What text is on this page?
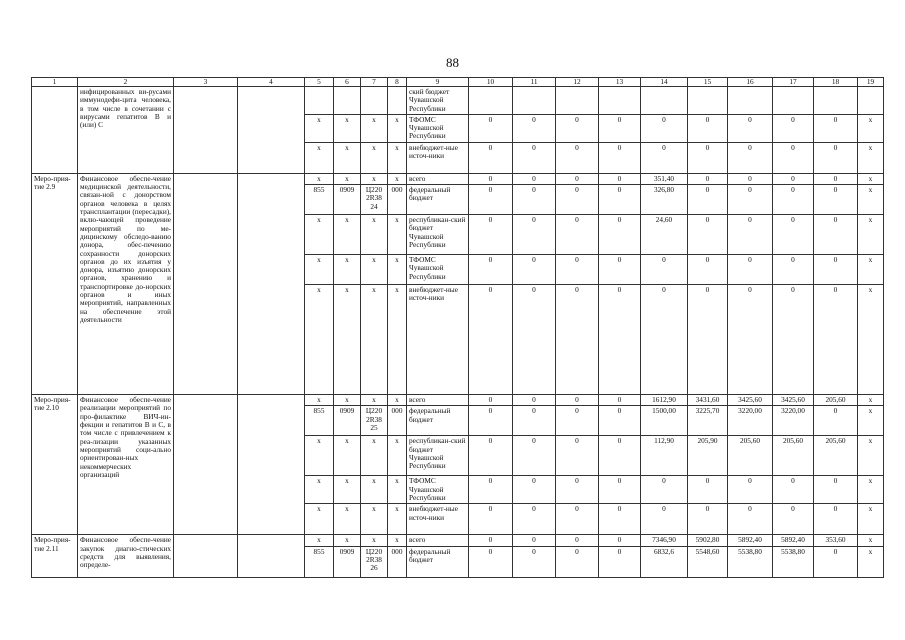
88
1	2	3	4	5	6	7	8	9	10	11	12	13	14	15	16	17	18	19
	инфицированных ви-русами иммунодефи-цита человека, в том числе в сочетании с вирусами гепатитов В и (или) С							ский бюджет Чувашской Республики										
				x	x	x	x	ТФОМС Чувашской Республики	0	0	0	0	0	0	0	0	0	x
				x	x	x	x	внебюджет-ные источ-ники	0	0	0	0	0	0	0	0	0	x
Меро-прия-тие 2.9	Финансовое обеспе-чение медицинской деятельности, связан-ной с донорством органов человека в целях трансплантации (пересадки), вклю-чающей проведение мероприятий по ме-дицинскому обследо-ванию донора, обес-печению сохранности донорских органов до их изъятия у донора, изъятию донорских органов, хранению и транспортировке до-норских органов и иных мероприятий, направленных на обеспечение этой деятельности			x	x	x	x	всего	0	0	0	0	351,40	0	0	0	0	x
				855	0909	Ц220 2R38 24	000	федеральный бюджет	0	0	0	0	326,80	0	0	0	0	x
				x	x	x	x	республикан-ский бюджет Чувашской Республики	0	0	0	0	24,60	0	0	0	0	x
				x	x	x	x	ТФОМС Чувашской Республики	0	0	0	0	0	0	0	0	0	x
				x	x	x	x	внебюджет-ные источ-ники	0	0	0	0	0	0	0	0	0	x
Меро-прия-тие 2.10	Финансовое обеспе-чение реализации мероприятий по про-филактике ВИЧ-ин-фекции и гепатитов В и С, в том числе с привлечением к реа-лизации указанных мероприятий соци-ально ориентирован-ных некоммерческих организаций			x	x	x	x	всего	0	0	0	0	1612,90	3431,60	3425,60	3425,60	205,60	x
				855	0909	Ц220 2R38 25	000	федеральный бюджет	0	0	0	0	1500,00	3225,70	3220,00	3220,00	0	x
				x	x	x	x	республикан-ский бюджет Чувашской Республики	0	0	0	0	112,90	205,90	205,60	205,60	205,60	x
				x	x	x	x	ТФОМС Чувашской Республики	0	0	0	0	0	0	0	0	0	x
				x	x	x	x	внебюджет-ные источ-ники	0	0	0	0	0	0	0	0	0	x
Меро-прия-тие 2.11	Финансовое обеспе-чение закупок диагно-стических средств для выявления, определе-			x	x	x	x	всего	0	0	0	0	7346,90	5902,80	5892,40	5892,40	353,60	x
				855	0909	Ц220 2R38 26	000	федеральный бюджет	0	0	0	0	6832,6	5548,60	5538,80	5538,80	0	x
